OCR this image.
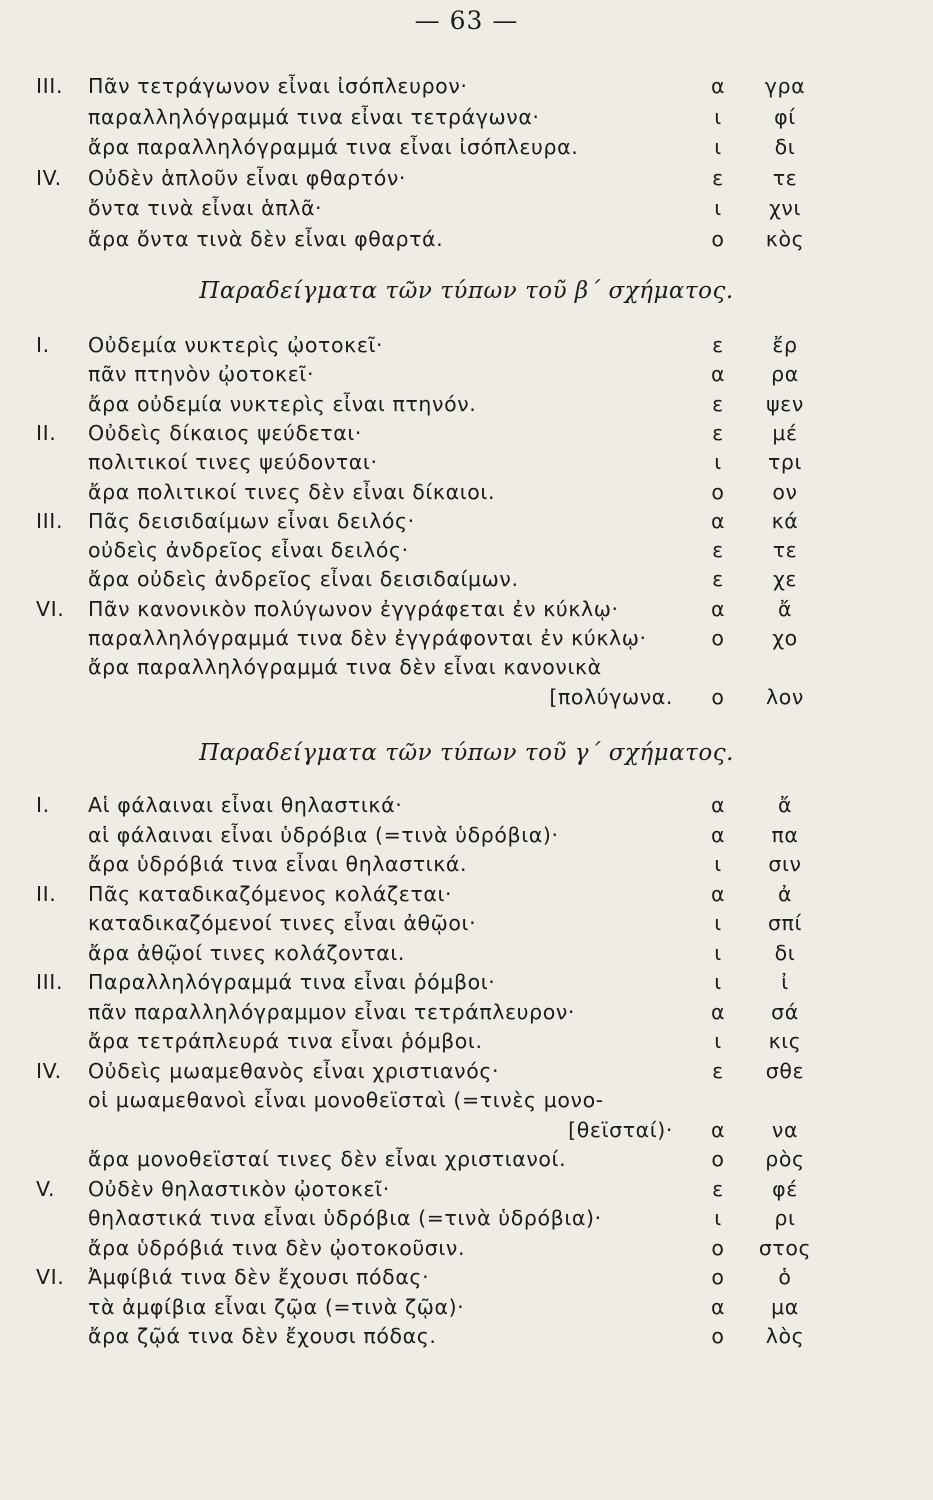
— 63 —
III. Πᾶν τετράγωνον εἶναι ἰσόπλευρον·	α	γρα
παραλληλόγραμμά τινα εἶναι τετράγωνα·	ι	φί
ἄρα παραλληλόγραμμά τινα εἶναι ἰσόπλευρα.	ι	δι
IV. Οὐδὲν ἁπλοῦν εἶναι φθαρτόν·	ε	τε
ὄντα τινὰ εἶναι ἁπλᾶ·	ι	χνι
ἄρα ὄντα τινὰ δὲν εἶναι φθαρτά.	ο	κὸς
Παραδείγματα τῶν τύπων τοῦ β΄ σχήματος.
I. Οὐδεμία νυκτερὶς ᾠοτοκεῖ·	ε	ἔρ
πᾶν πτηνὸν ᾠοτοκεῖ·	α	ρα
ἄρα οὐδεμία νυκτερὶς εἶναι πτηνόν.	ε	ψεν
II. Οὐδεὶς δίκαιος ψεύδεται·	ε	μέ
πολιτικοί τινες ψεύδονται·	ι	τρι
ἄρα πολιτικοί τινες δὲν εἶναι δίκαιοι.	ο	ον
III. Πᾶς δεισιδαίμων εἶναι δειλός·	α	κά
οὐδεὶς ἀνδρεῖος εἶναι δειλός·	ε	τε
ἄρα οὐδεὶς ἀνδρεῖος εἶναι δεισιδαίμων.	ε	χε
VI. Πᾶν κανονικὸν πολύγωνον ἐγγράφεται ἐν κύκλῳ·	α	ἄ
παραλληλόγραμμά τινα δὲν ἐγγράφονται ἐν κύκλῳ·	ο	χο
ἄρα παραλληλόγραμμά τινα δὲν εἶναι κανονικὰ
[πολύγωνα. ο	λον
Παραδείγματα τῶν τύπων τοῦ γ΄ σχήματος.
I. Αἱ φάλαιναι εἶναι θηλαστικά·	α	ἄ
αἱ φάλαιναι εἶναι ὑδρόβια (=τινὰ ὑδρόβια)·	α	πα
ἄρα ὑδρόβιά τινα εἶναι θηλαστικά.	ι	σιν
II. Πᾶς καταδικαζόμενος κολάζεται·	α	ἀ
καταδικαζόμενοί τινες εἶναι ἀθῷοι·	ι	σπί
ἄρα ἀθῷοί τινες κολάζονται.	ι	δι
III. Παραλληλόγραμμά τινα εἶναι ῥόμβοι·	ι	ἰ
πᾶν παραλληλόγραμμον εἶναι τετράπλευρον·	α	σά
ἄρα τετράπλευρά τινα εἶναι ῥόμβοι.	ι	κις
IV. Οὐδεὶς μωαμεθανὸς εἶναι χριστιανός·	ε	σθε
οἱ μωαμεθανοὶ εἶναι μονοθεϊσταὶ (=τινὲς μονο-
[θεϊσταί)· α	να
ἄρα μονοθεϊσταί τινες δὲν εἶναι χριστιανοί.	ο	ρὸς
V. Οὐδὲν θηλαστικὸν ᾠοτοκεῖ·	ε	φέ
θηλαστικά τινα εἶναι ὑδρόβια (=τινὰ ὑδρόβια)·	ι	ρι
ἄρα ὑδρόβιά τινα δὲν ᾠοτοκοῦσιν.	ο	στος
VI. Ἀμφίβιά τινα δὲν ἔχουσι πόδας·	ο	ὁ
τὰ ἀμφίβια εἶναι ζῷα (=τινὰ ζῷα)·	α	μα
ἄρα ζῷά τινα δὲν ἔχουσι πόδας.	ο	λὸς
